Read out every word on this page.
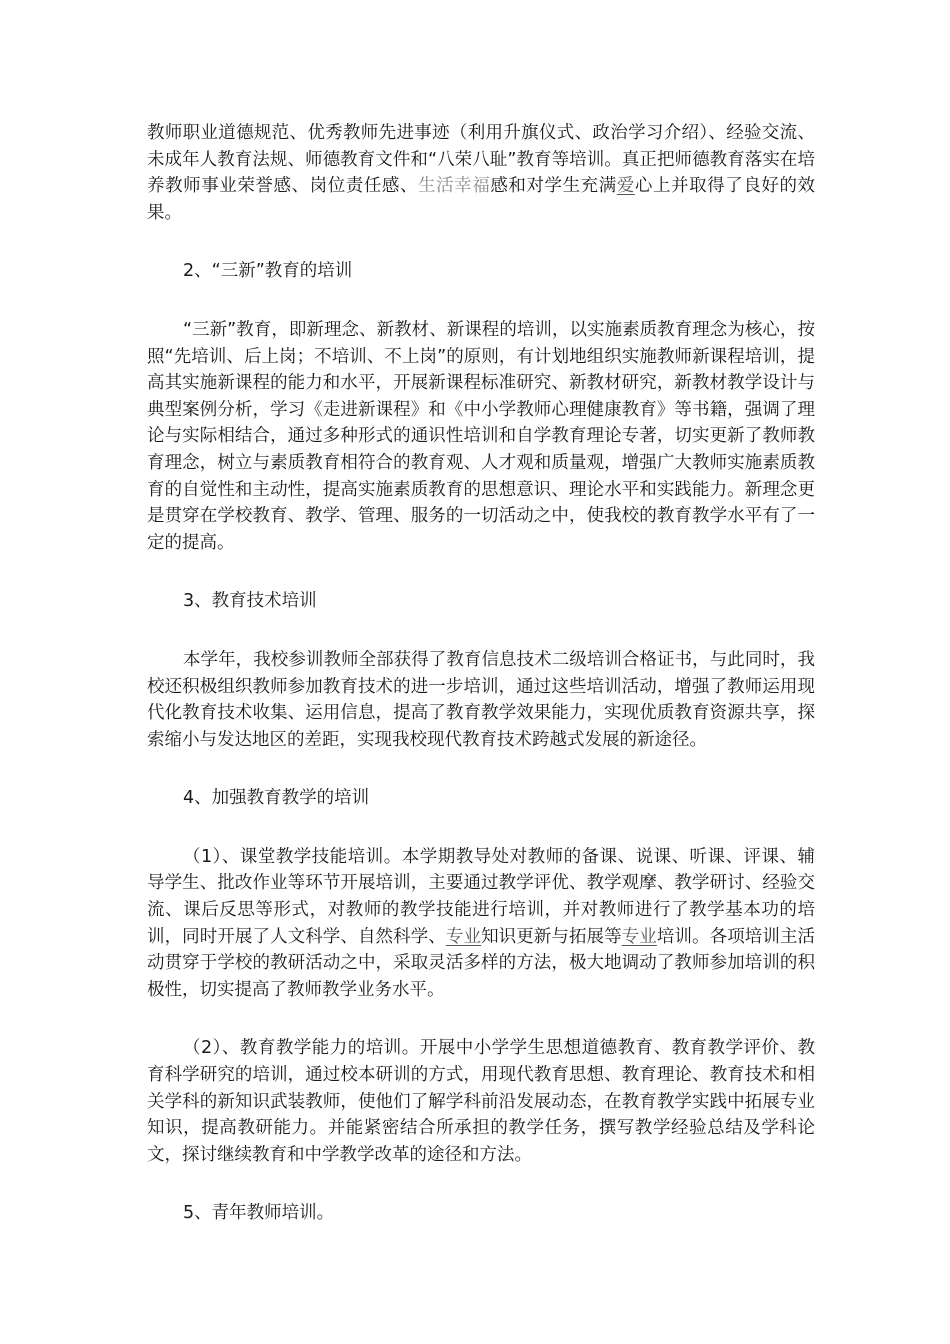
教师职业道德规范、优秀教师先进事迹（利用升旗仪式、政治学习介绍）、经验交流、未成年人教育法规、师德教育文件和“八荣八耻”教育等培训。真正把师德教育落实在培养教师事业荣誉感、岗位责任感、生活幸福感和对学生充满爱心上并取得了良好的效果。

2、“三新”教育的培训

“三新”教育，即新理念、新教材、新课程的培训，以实施素质教育理念为核心，按照“先培训、后上岗；不培训、不上岗”的原则，有计划地组织实施教师新课程培训，提高其实施新课程的能力和水平，开展新课程标准研究、新教材研究，新教材教学设计与典型案例分析，学习《走进新课程》和《中小学教师心理健康教育》等书籍，强调了理论与实际相结合，通过多种形式的通识性培训和自学教育理论专著，切实更新了教师教育理念，树立与素质教育相符合的教育观、人才观和质量观，增强广大教师实施素质教育的自觉性和主动性，提高实施素质教育的思想意识、理论水平和实践能力。新理念更是贯穿在学校教育、教学、管理、服务的一切活动之中，使我校的教育教学水平有了一定的提高。

3、教育技术培训

本学年，我校参训教师全部获得了教育信息技术二级培训合格证书，与此同时，我校还积极组织教师参加教育技术的进一步培训，通过这些培训活动，增强了教师运用现代化教育技术收集、运用信息，提高了教育教学效果能力，实现优质教育资源共享，探索缩小与发达地区的差距，实现我校现代教育技术跨越式发展的新途径。

4、加强教育教学的培训

（1）、课堂教学技能培训。本学期教导处对教师的备课、说课、听课、评课、辅导学生、批改作业等环节开展培训，主要通过教学评优、教学观摩、教学研讨、经验交流、课后反思等形式，对教师的教学技能进行培训，并对教师进行了教学基本功的培训，同时开展了人文科学、自然科学、专业知识更新与拓展等专业培训。各项培训主活动贯穿于学校的教研活动之中，采取灵活多样的方法，极大地调动了教师参加培训的积极性，切实提高了教师教学业务水平。

（2）、教育教学能力的培训。开展中小学学生思想道德教育、教育教学评价、教育科学研究的培训，通过校本研训的方式，用现代教育思想、教育理论、教育技术和相关学科的新知识武装教师，使他们了解学科前沿发展动态，在教育教学实践中拓展专业知识，提高教研能力。并能紧密结合所承担的教学任务，撰写教学经验总结及学科论文，探讨继续教育和中学教学改革的途径和方法。

5、青年教师培训。
